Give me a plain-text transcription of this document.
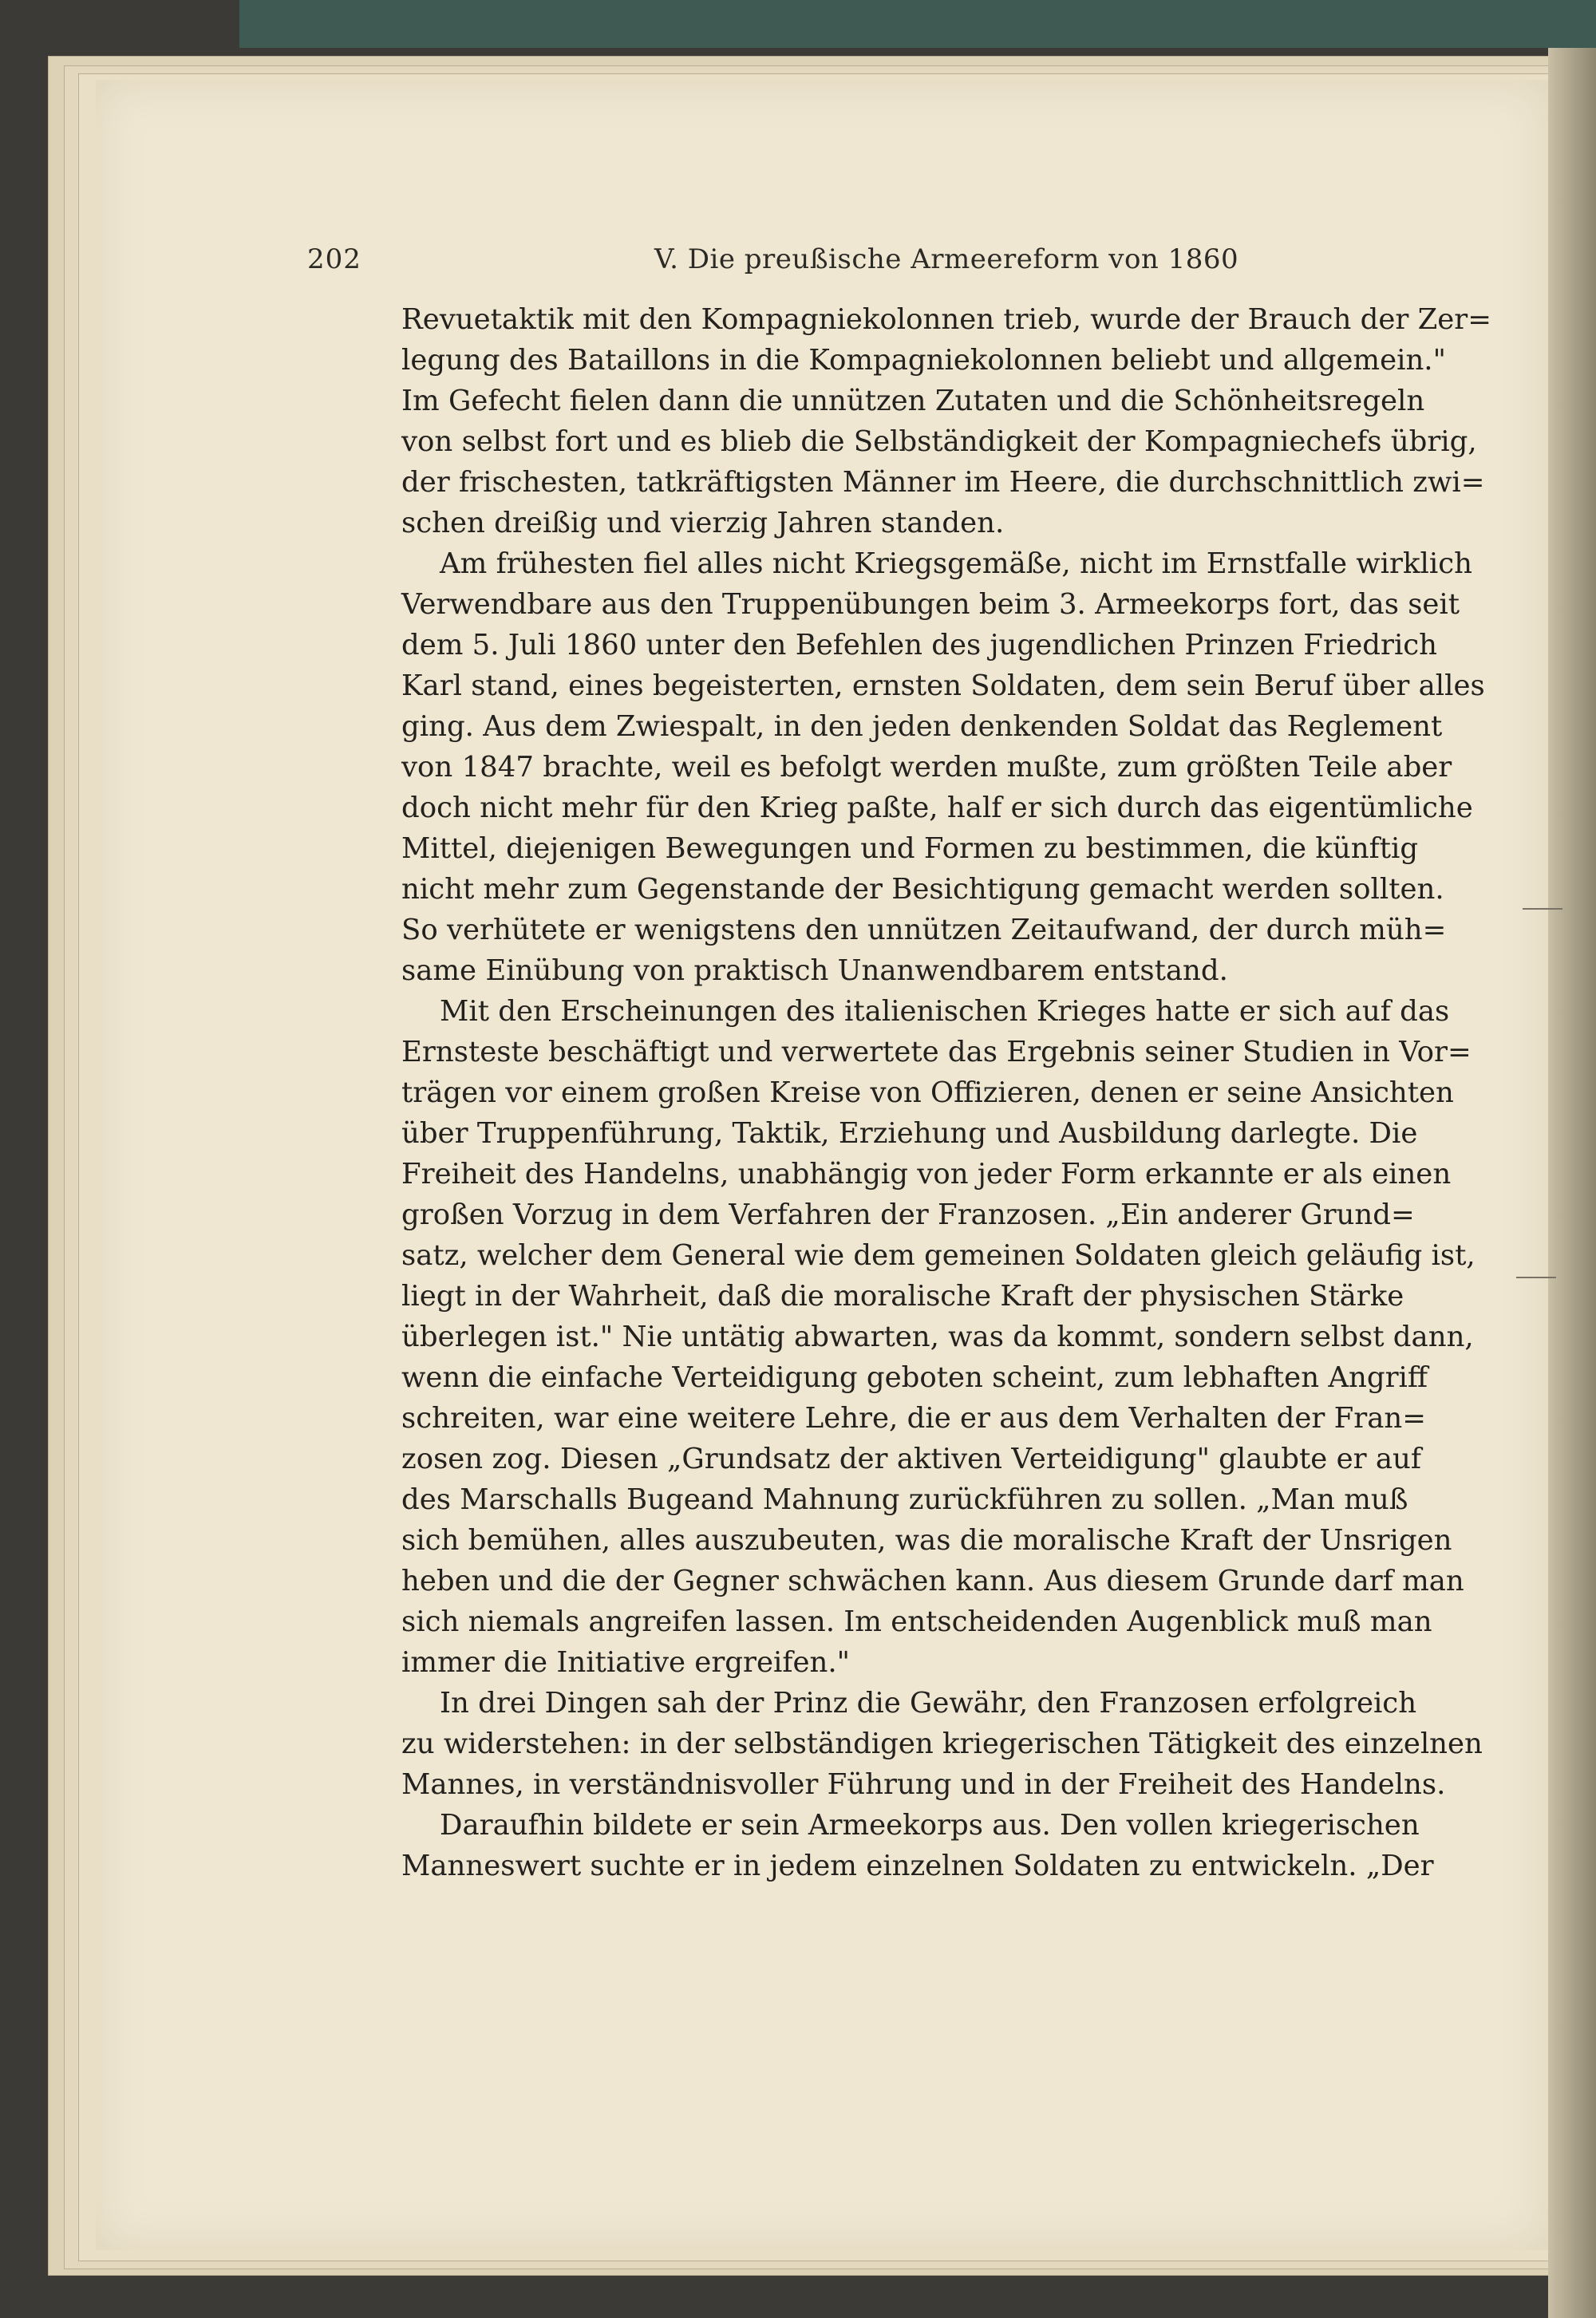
202	V. Die preußische Armeereform von 1860
Revuetaktik mit den Kompagniekolonnen trieb, wurde der Brauch der Zer=
legung des Bataillons in die Kompagniekolonnen beliebt und allgemein."
Im Gefecht fielen dann die unnützen Zutaten und die Schönheitsregeln
von selbst fort und es blieb die Selbständigkeit der Kompagniechefs übrig,
der frischesten, tatkräftigsten Männer im Heere, die durchschnittlich zwi=
schen dreißig und vierzig Jahren standen.
Am frühesten fiel alles nicht Kriegsgemäße, nicht im Ernstfalle wirklich
Verwendbare aus den Truppenübungen beim 3. Armeekorps fort, das seit
dem 5. Juli 1860 unter den Befehlen des jugendlichen Prinzen Friedrich
Karl stand, eines begeisterten, ernsten Soldaten, dem sein Beruf über alles
ging. Aus dem Zwiespalt, in den jeden denkenden Soldat das Reglement
von 1847 brachte, weil es befolgt werden mußte, zum größten Teile aber
doch nicht mehr für den Krieg paßte, half er sich durch das eigentümliche
Mittel, diejenigen Bewegungen und Formen zu bestimmen, die künftig
nicht mehr zum Gegenstande der Besichtigung gemacht werden sollten.
So verhütete er wenigstens den unnützen Zeitaufwand, der durch müh=
same Einübung von praktisch Unanwendbarem entstand.
Mit den Erscheinungen des italienischen Krieges hatte er sich auf das
Ernsteste beschäftigt und verwertete das Ergebnis seiner Studien in Vor=
trägen vor einem großen Kreise von Offizieren, denen er seine Ansichten
über Truppenführung, Taktik, Erziehung und Ausbildung darlegte. Die
Freiheit des Handelns, unabhängig von jeder Form erkannte er als einen
großen Vorzug in dem Verfahren der Franzosen. „Ein anderer Grund=
satz, welcher dem General wie dem gemeinen Soldaten gleich geläufig ist,
liegt in der Wahrheit, daß die moralische Kraft der physischen Stärke
überlegen ist." Nie untätig abwarten, was da kommt, sondern selbst dann,
wenn die einfache Verteidigung geboten scheint, zum lebhaften Angriff
schreiten, war eine weitere Lehre, die er aus dem Verhalten der Fran=
zosen zog. Diesen „Grundsatz der aktiven Verteidigung" glaubte er auf
des Marschalls Bugeand Mahnung zurückführen zu sollen. „Man muß
sich bemühen, alles auszubeuten, was die moralische Kraft der Unsrigen
heben und die der Gegner schwächen kann. Aus diesem Grunde darf man
sich niemals angreifen lassen. Im entscheidenden Augenblick muß man
immer die Initiative ergreifen."
In drei Dingen sah der Prinz die Gewähr, den Franzosen erfolgreich
zu widerstehen: in der selbständigen kriegerischen Tätigkeit des einzelnen
Mannes, in verständnisvoller Führung und in der Freiheit des Handelns.
Daraufhin bildete er sein Armeekorps aus. Den vollen kriegerischen
Manneswert suchte er in jedem einzelnen Soldaten zu entwickeln. „Der
